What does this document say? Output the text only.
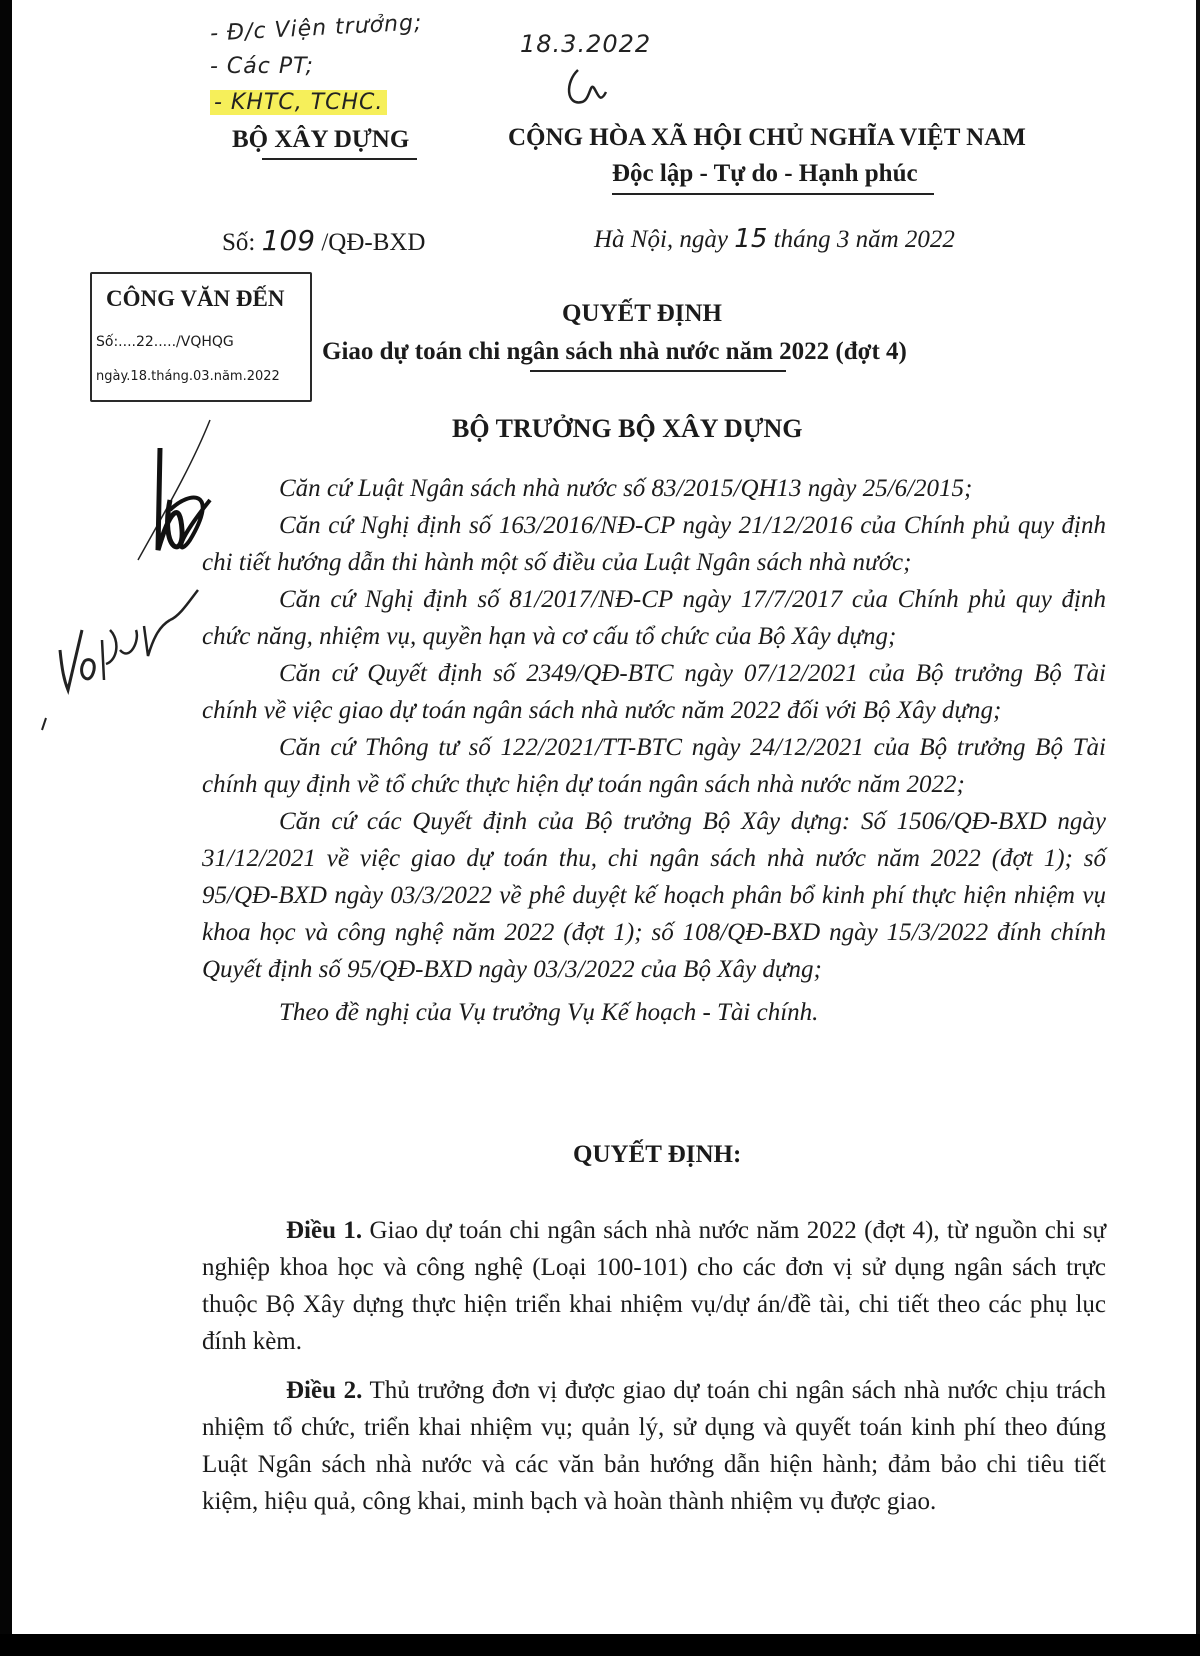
- Đ/c Viện trưởng;
- Các PT;
- KHTC, TCHC.
18.3.2022
BỘ XÂY DỰNG	CỘNG HÒA XÃ HỘI CHỦ NGHĨA VIỆT NAM
Độc lập - Tự do - Hạnh phúc
Số: 109 /QĐ-BXD	Hà Nội, ngày 15 tháng 3 năm 2022
CÔNG VĂN ĐẾN
Số:....22...../VQHQG
ngày.18.tháng.03.năm.2022
QUYẾT ĐỊNH
Giao dự toán chi ngân sách nhà nước năm 2022 (đợt 4)
BỘ TRƯỞNG BỘ XÂY DỰNG

Căn cứ Luật Ngân sách nhà nước số 83/2015/QH13 ngày 25/6/2015;

Căn cứ Nghị định số 163/2016/NĐ-CP ngày 21/12/2016 của Chính phủ quy định chi tiết hướng dẫn thi hành một số điều của Luật Ngân sách nhà nước;

Căn cứ Nghị định số 81/2017/NĐ-CP ngày 17/7/2017 của Chính phủ quy định chức năng, nhiệm vụ, quyền hạn và cơ cấu tổ chức của Bộ Xây dựng;

Căn cứ Quyết định số 2349/QĐ-BTC ngày 07/12/2021 của Bộ trưởng Bộ Tài chính về việc giao dự toán ngân sách nhà nước năm 2022 đối với Bộ Xây dựng;

Căn cứ Thông tư số 122/2021/TT-BTC ngày 24/12/2021 của Bộ trưởng Bộ Tài chính quy định về tổ chức thực hiện dự toán ngân sách nhà nước năm 2022;

Căn cứ các Quyết định của Bộ trưởng Bộ Xây dựng: Số 1506/QĐ-BXD ngày 31/12/2021 về việc giao dự toán thu, chi ngân sách nhà nước năm 2022 (đợt 1); số 95/QĐ-BXD ngày 03/3/2022 về phê duyệt kế hoạch phân bổ kinh phí thực hiện nhiệm vụ khoa học và công nghệ năm 2022 (đợt 1); số 108/QĐ-BXD ngày 15/3/2022 đính chính Quyết định số 95/QĐ-BXD ngày 03/3/2022 của Bộ Xây dựng;

Theo đề nghị của Vụ trưởng Vụ Kế hoạch - Tài chính.

QUYẾT ĐỊNH:

Điều 1. Giao dự toán chi ngân sách nhà nước năm 2022 (đợt 4), từ nguồn chi sự nghiệp khoa học và công nghệ (Loại 100-101) cho các đơn vị sử dụng ngân sách trực thuộc Bộ Xây dựng thực hiện triển khai nhiệm vụ/dự án/đề tài, chi tiết theo các phụ lục đính kèm.

Điều 2. Thủ trưởng đơn vị được giao dự toán chi ngân sách nhà nước chịu trách nhiệm tổ chức, triển khai nhiệm vụ; quản lý, sử dụng và quyết toán kinh phí theo đúng Luật Ngân sách nhà nước và các văn bản hướng dẫn hiện hành; đảm bảo chi tiêu tiết kiệm, hiệu quả, công khai, minh bạch và hoàn thành nhiệm vụ được giao.
